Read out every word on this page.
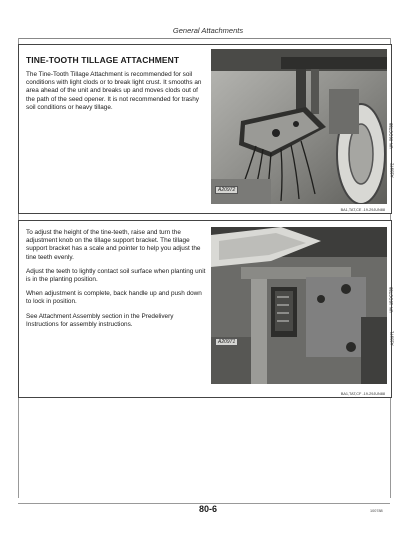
General Attachments
TINE-TOOTH TILLAGE ATTACHMENT

The Tine-Tooth Tillage Attachment is recommended for soil conditions with light clods or to break light crust. It smooths an area ahead of the unit and breaks up and moves clods out of the path of the seed opener. It is not recommended for trashy soil conditions or heavy tillage.

A20972
UN-06OCT88
A20972
BA1,TAT,CE -19-29JUN88

To adjust the height of the tine-teeth, raise and turn the adjustment knob on the tillage support bracket. The tillage support bracket has a scale and pointer to help you adjust the tine teeth evenly.

Adjust the teeth to lightly contact soil surface when planting unit is in the planting position.

When adjustment is complete, back handle up and push down to lock in position.

See Attachment Assembly section in the Predelivery Instructions for assembly instructions.

A20971
UN-15OCT88
A20971
BA1,TAT,CF -19-29JUN88
80-6	100788
